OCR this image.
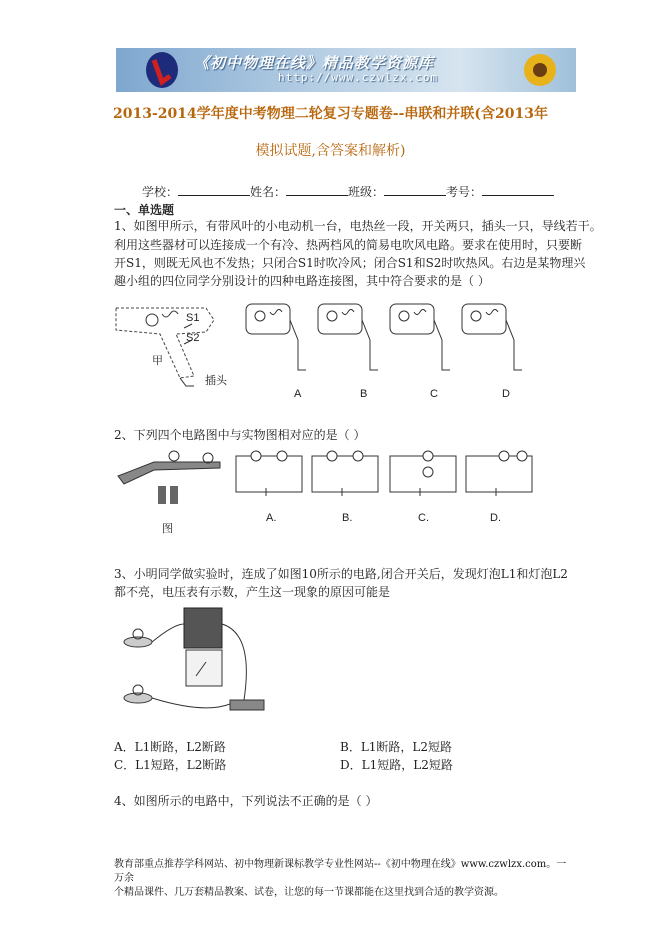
《初中物理在线》精品教学资源库
http://www.czwlzx.com
2013-2014学年度中考物理二轮复习专题卷--串联和并联(含2013年
模拟试题,含答案和解析)
学校：	姓名：	班级：	考号：
一、单选题
1、如图甲所示，有带风叶的小电动机一台，电热丝一段，开关两只，插头一只，导线若干。
利用这些器材可以连接成一个有冷、热两档风的简易电吹风电路。要求在使用时，只要断
开S1，则既无风也不发热；只闭合S1时吹冷风；闭合S1和S2时吹热风。右边是某物理兴
趣小组的四位同学分别设计的四种电路连接图，其中符合要求的是（ ）
S1
S2
甲
插头
A	B	C	D
2、下列四个电路图中与实物图相对应的是（ ）
图
A.	B.	C.	D.
3、小明同学做实验时，连成了如图10所示的电路,闭合开关后，发现灯泡L1和灯泡L2
都不亮，电压表有示数，产生这一现象的原因可能是
A．L1断路，L2断路	B．L1断路，L2短路
C．L1短路，L2断路	D．L1短路，L2短路
4、如图所示的电路中，下列说法不正确的是（ ）
教育部重点推荐学科网站、初中物理新课标教学专业性网站--《初中物理在线》www.czwlzx.com。一万余
个精品课件、几万套精品教案、试卷，让您的每一节课都能在这里找到合适的教学资源。
